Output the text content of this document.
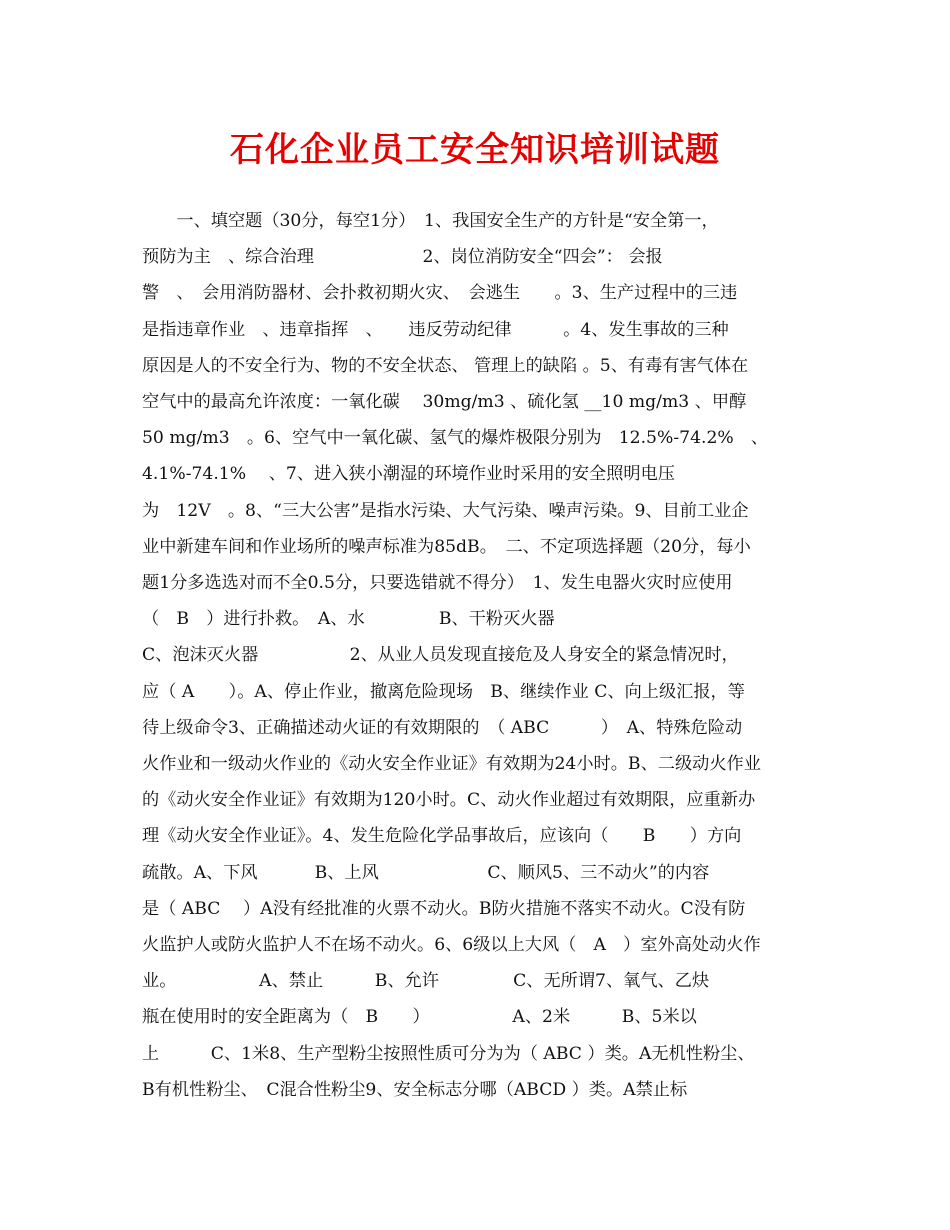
石化企业员工安全知识培训试题
　　一、填空题（30分，每空1分）　1、我国安全生产的方针是“安全第一，
预防为主　、综合治理　　　　　　 2、岗位消防安全“四会”： 会报
警　、　会用消防器材、会扑救初期火灾、　会逃生　　。3、生产过程中的三违
是指违章作业　、违章指挥　、　　违反劳动纪律　　　。4、发生事故的三种
原因是人的不安全行为、物的不安全状态、 管理上的缺陷 。5、有毒有害气体在
空气中的最高允许浓度：一氧化碳　 30mg/m3 、硫化氢 __10 mg/m3 、甲醇
50 mg/m3　。6、空气中一氧化碳、氢气的爆炸极限分别为　12.5%-74.2%　、
4.1%-74.1%　 、7、进入狭小潮湿的环境作业时采用的安全照明电压
为　12V　。8、“三大公害”是指水污染、大气污染、噪声污染。9、目前工业企
业中新建车间和作业场所的噪声标准为85dB。　二、不定项选择题（20分，每小
题1分多选选对而不全0.5分，只要选错就不得分）　1、发生电器火灾时应使用
（　B　）进行扑救。　A、水　　　　 B、干粉灭火器
C、泡沫灭火器　　　　　 2、从业人员发现直接危及人身安全的紧急情况时，
应（ A　　）。A、停止作业，撤离危险现场　B、继续作业 C、向上级汇报，等
待上级命令3、正确描述动火证的有效期限的　（ ABC　　　）　A、特殊危险动
火作业和一级动火作业的《动火安全作业证》有效期为24小时。B、二级动火作业
的《动火安全作业证》有效期为120小时。C、动火作业超过有效期限，应重新办
理《动火安全作业证》。4、发生危险化学品事故后，应该向（　　B　　）方向
疏散。A、下风　　　 B、上风　　　　　　 C、顺风5、三不动火”的内容
是（ ABC　 ）A没有经批准的火票不动火。B防火措施不落实不动火。C没有防
火监护人或防火监护人不在场不动火。6、6级以上大风（　A　）室外高处动火作
业。　　　　　 A、禁止　　　B、允许　　　　 C、无所谓7、氧气、乙炔
瓶在使用时的安全距离为（　B　　）　　　　　 A、2米　　　B、5米以
上　　　C、1米8、生产型粉尘按照性质可分为为（ ABC ）类。A无机性粉尘、
B有机性粉尘、　C混合性粉尘9、安全标志分哪（ABCD ）类。A禁止标
